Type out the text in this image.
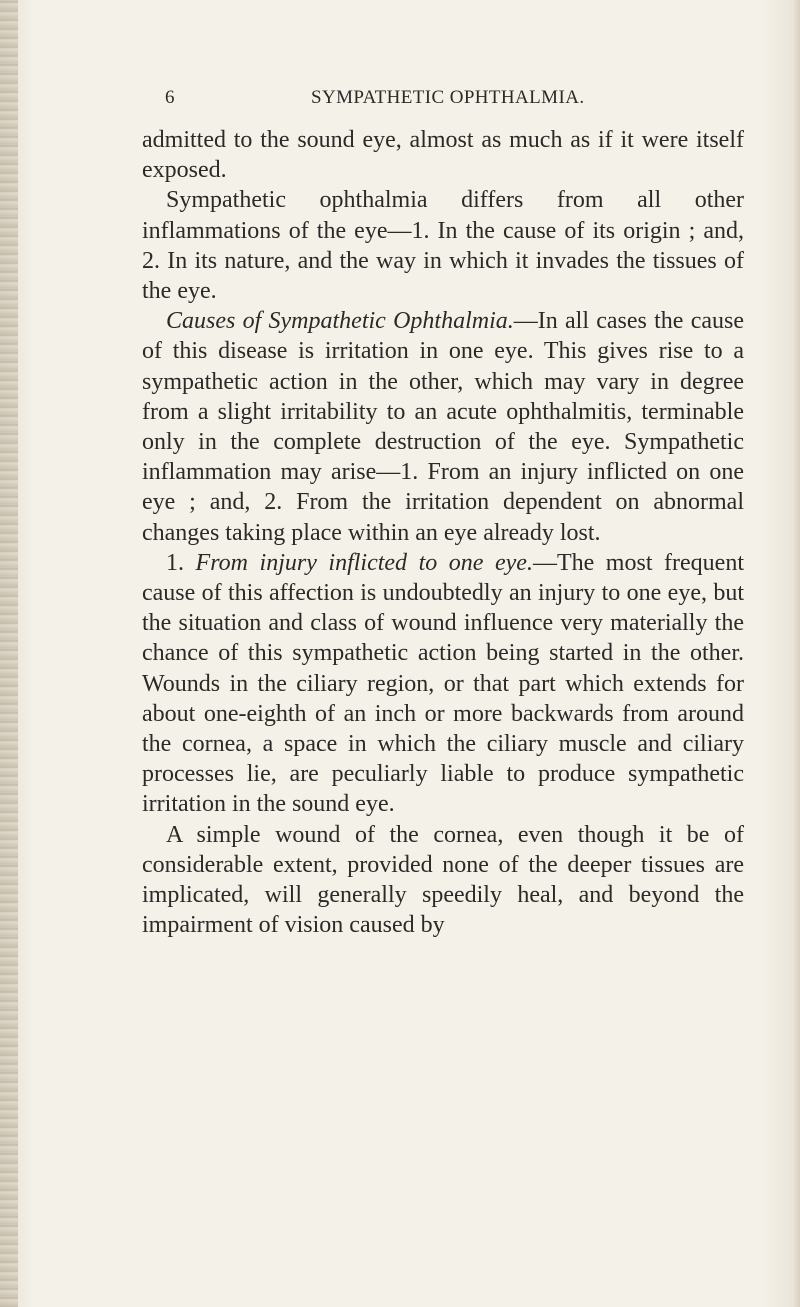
6	SYMPATHETIC OPHTHALMIA.

admitted to the sound eye, almost as much as if it were itself exposed.

Sympathetic ophthalmia differs from all other inflammations of the eye—1. In the cause of its origin ; and, 2. In its nature, and the way in which it invades the tissues of the eye.

Causes of Sympathetic Ophthalmia.—In all cases the cause of this disease is irritation in one eye. This gives rise to a sympathetic action in the other, which may vary in degree from a slight irritability to an acute ophthalmitis, terminable only in the complete destruction of the eye. Sympathetic inflammation may arise—1. From an injury inflicted on one eye ; and, 2. From the irritation dependent on abnormal changes taking place within an eye already lost.

1. From injury inflicted to one eye.—The most frequent cause of this affection is undoubtedly an injury to one eye, but the situation and class of wound influence very materially the chance of this sympathetic action being started in the other. Wounds in the ciliary region, or that part which extends for about one-eighth of an inch or more backwards from around the cornea, a space in which the ciliary muscle and ciliary processes lie, are peculiarly liable to produce sympathetic irritation in the sound eye.

A simple wound of the cornea, even though it be of considerable extent, provided none of the deeper tissues are implicated, will generally speedily heal, and beyond the impairment of vision caused by
